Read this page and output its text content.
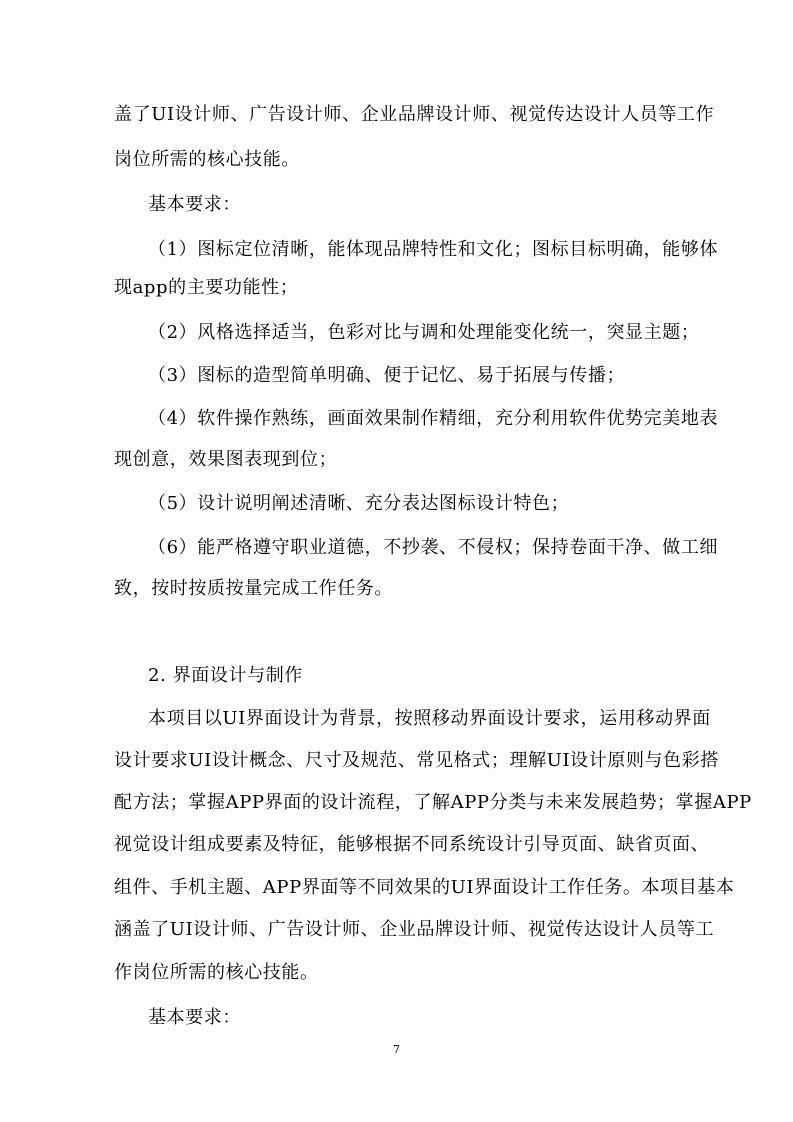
盖了UI设计师、广告设计师、企业品牌设计师、视觉传达设计人员等工作
岗位所需的核心技能。
基本要求：
（1）图标定位清晰，能体现品牌特性和文化；图标目标明确，能够体
现app的主要功能性；
（2）风格选择适当，色彩对比与调和处理能变化统一，突显主题；
（3）图标的造型简单明确、便于记忆、易于拓展与传播；
（4）软件操作熟练，画面效果制作精细，充分利用软件优势完美地表
现创意，效果图表现到位；
（5）设计说明阐述清晰、充分表达图标设计特色；
（6）能严格遵守职业道德，不抄袭、不侵权；保持卷面干净、做工细
致，按时按质按量完成工作任务。
2. 界面设计与制作
本项目以UI界面设计为背景，按照移动界面设计要求，运用移动界面
设计要求UI设计概念、尺寸及规范、常见格式；理解UI设计原则与色彩搭
配方法；掌握APP界面的设计流程，了解APP分类与未来发展趋势；掌握APP
视觉设计组成要素及特征，能够根据不同系统设计引导页面、缺省页面、
组件、手机主题、APP界面等不同效果的UI界面设计工作任务。本项目基本
涵盖了UI设计师、广告设计师、企业品牌设计师、视觉传达设计人员等工
作岗位所需的核心技能。
基本要求：
7
